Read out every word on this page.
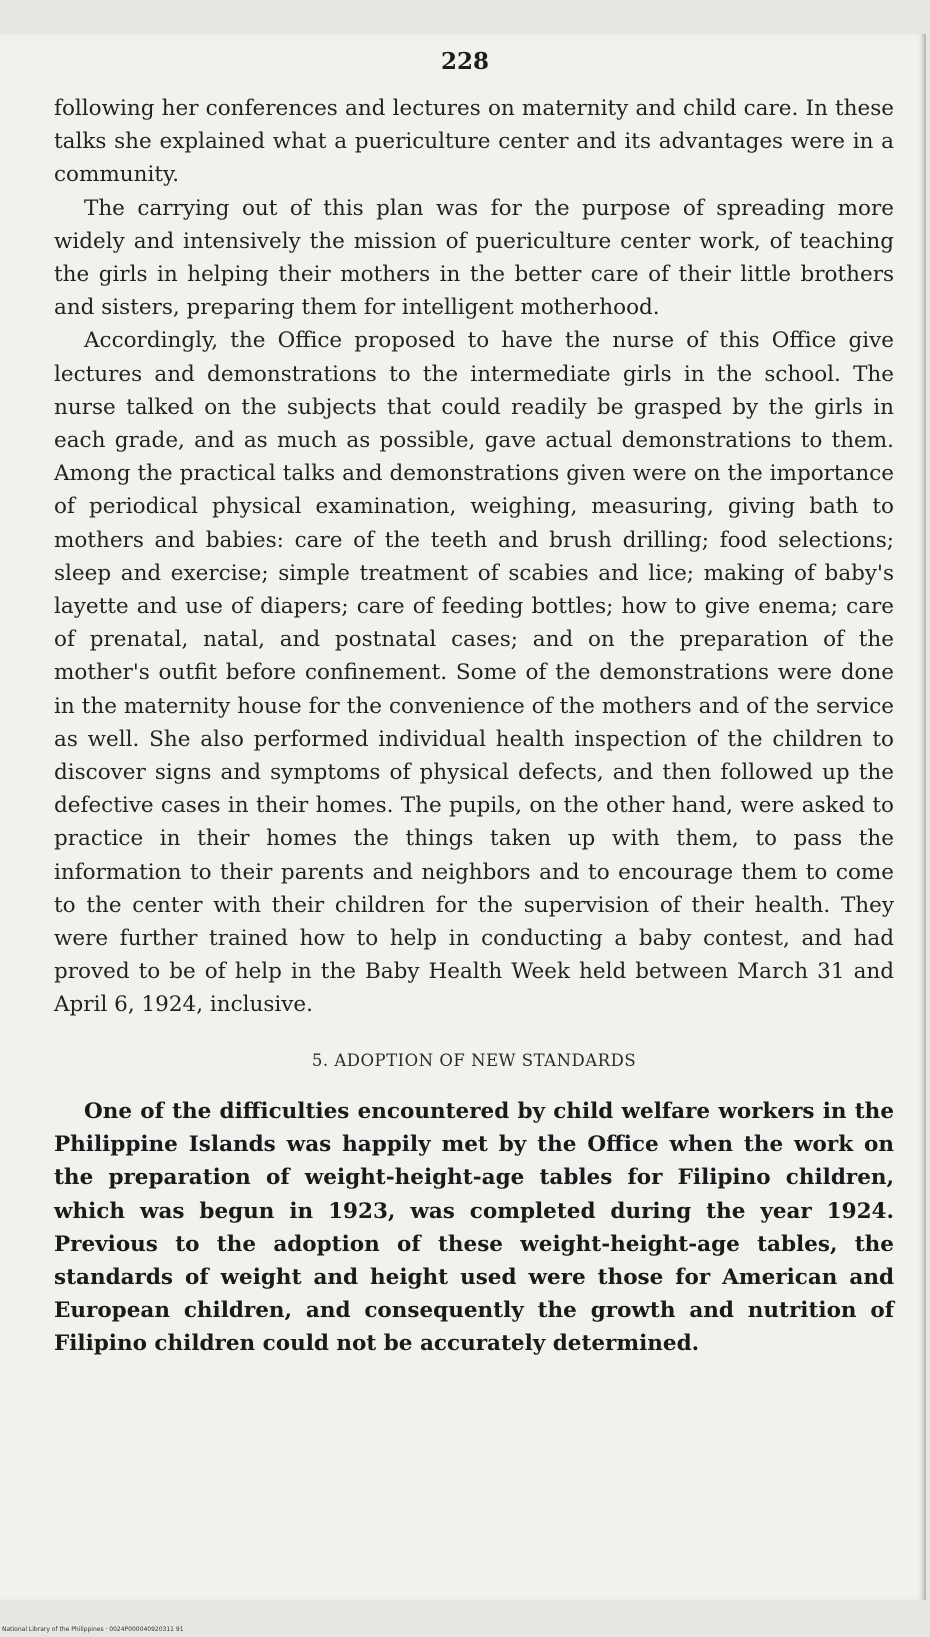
228

following her conferences and lectures on maternity and child care. In these talks she explained what a puericulture center and its advantages were in a community.

The carrying out of this plan was for the purpose of spreading more widely and intensively the mission of puericulture center work, of teaching the girls in helping their mothers in the better care of their little brothers and sisters, preparing them for intelligent motherhood.

Accordingly, the Office proposed to have the nurse of this Office give lectures and demonstrations to the intermediate girls in the school. The nurse talked on the subjects that could readily be grasped by the girls in each grade, and as much as possible, gave actual demonstrations to them. Among the practical talks and demonstrations given were on the importance of periodical physical examination, weighing, measuring, giving bath to mothers and babies: care of the teeth and brush drilling; food selections; sleep and exercise; simple treatment of scabies and lice; making of baby's layette and use of diapers; care of feeding bottles; how to give enema; care of prenatal, natal, and postnatal cases; and on the preparation of the mother's outfit before confinement. Some of the demonstrations were done in the maternity house for the convenience of the mothers and of the service as well. She also performed individual health inspection of the children to discover signs and symptoms of physical defects, and then followed up the defective cases in their homes. The pupils, on the other hand, were asked to practice in their homes the things taken up with them, to pass the information to their parents and neighbors and to encourage them to come to the center with their children for the supervision of their health. They were further trained how to help in conducting a baby contest, and had proved to be of help in the Baby Health Week held between March 31 and April 6, 1924, inclusive.

5. ADOPTION OF NEW STANDARDS

One of the difficulties encountered by child welfare workers in the Philippine Islands was happily met by the Office when the work on the preparation of weight-height-age tables for Filipino children, which was begun in 1923, was completed during the year 1924. Previous to the adoption of these weight-height-age tables, the standards of weight and height used were those for American and European children, and consequently the growth and nutrition of Filipino children could not be accurately determined.

National Library of the Philippines · 0024P000040920311 91
